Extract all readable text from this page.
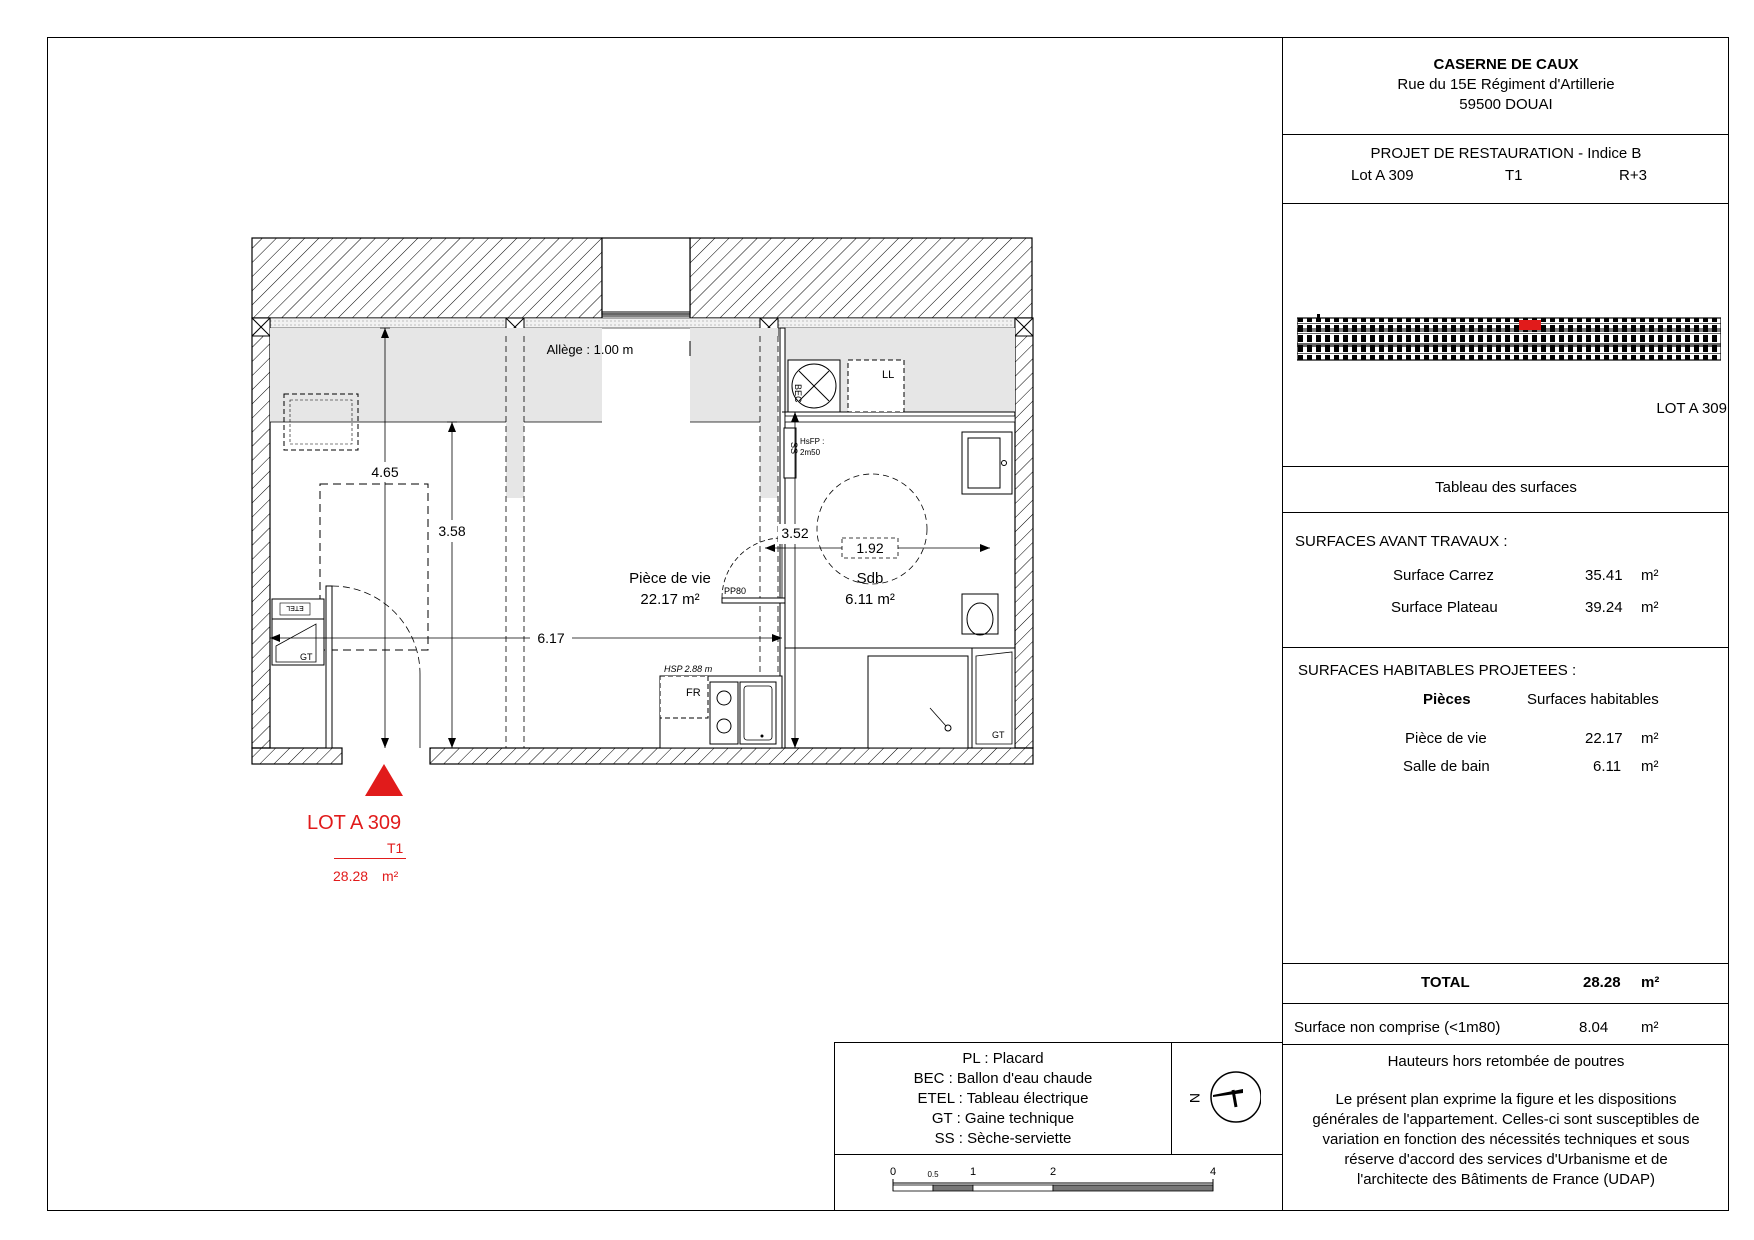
BEC
LL
SS
HsFP :
2m50
GT
FR
HSP 2.88 m
ETEL
GT
4.65
3.58
6.17
3.52
1.92
Pièce de vie
22.17 m²
Sdb
6.11 m²
PP80
Allège : 1.00 m
LOT A 309
T1
28.28 m²
PL : Placard
BEC : Ballon d'eau chaude
ETEL : Tableau électrique
GT : Gaine technique
SS : Sèche-serviette
N
0	0.5	1	2	4
CASERNE DE CAUX
Rue du 15E Régiment d'Artillerie
59500 DOUAI
PROJET DE RESTAURATION - Indice B
Lot A 309	T1	R+3
LOT A 309
Tableau des surfaces
SURFACES AVANT TRAVAUX :
Surface Carrez	35.41 m²
Surface Plateau	39.24 m²
SURFACES HABITABLES PROJETEES :
Pièces	Surfaces habitables
Pièce de vie	22.17 m²
Salle de bain	6.11 m²
TOTAL	28.28 m²
Surface non comprise (<1m80)	8.04 m²
Hauteurs hors retombée de poutres
Le présent plan exprime la figure et les dispositions
générales de l'appartement. Celles-ci sont susceptibles de
variation en fonction des nécessités techniques et sous
réserve d'accord des services d'Urbanisme et de
l'architecte des Bâtiments de France (UDAP)
